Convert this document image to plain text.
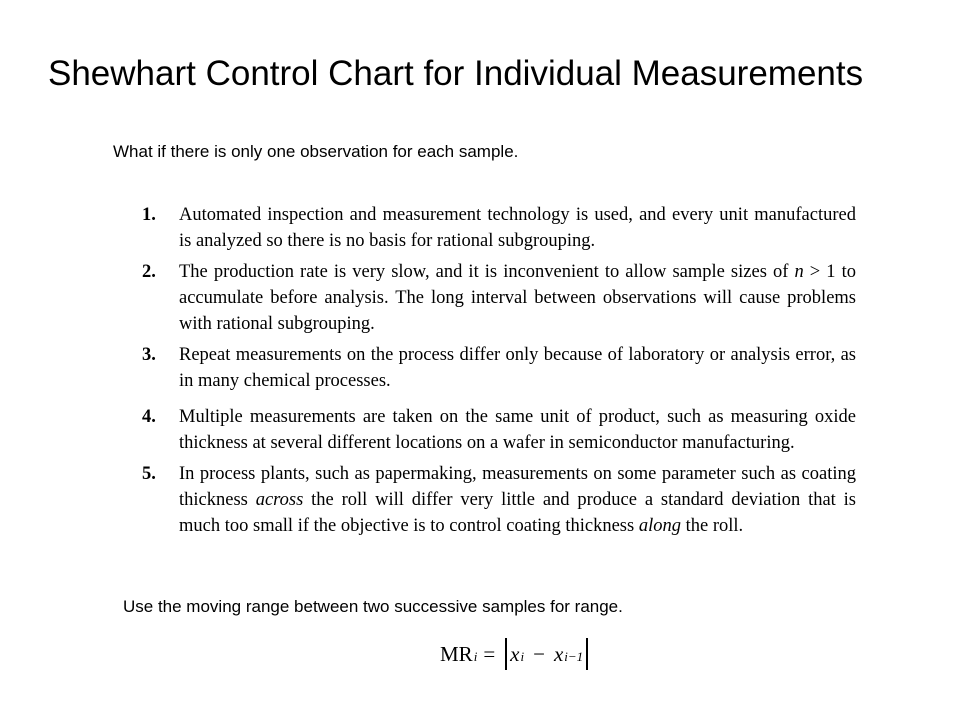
Shewhart Control Chart for Individual Measurements

What if there is only one observation for each sample.

1. Automated inspection and measurement technology is used, and every unit manufactured is analyzed so there is no basis for rational subgrouping.
2. The production rate is very slow, and it is inconvenient to allow sample sizes of n > 1 to accumulate before analysis. The long interval between observations will cause problems with rational subgrouping.
3. Repeat measurements on the process differ only because of laboratory or analysis error, as in many chemical processes.
4. Multiple measurements are taken on the same unit of product, such as measuring oxide thickness at several different locations on a wafer in semiconductor manufacturing.
5. In process plants, such as papermaking, measurements on some parameter such as coating thickness across the roll will differ very little and produce a standard deviation that is much too small if the objective is to control coating thickness along the roll.

Use the moving range between two successive samples for range.

$MR_i = x_i - x_{i-1}$
